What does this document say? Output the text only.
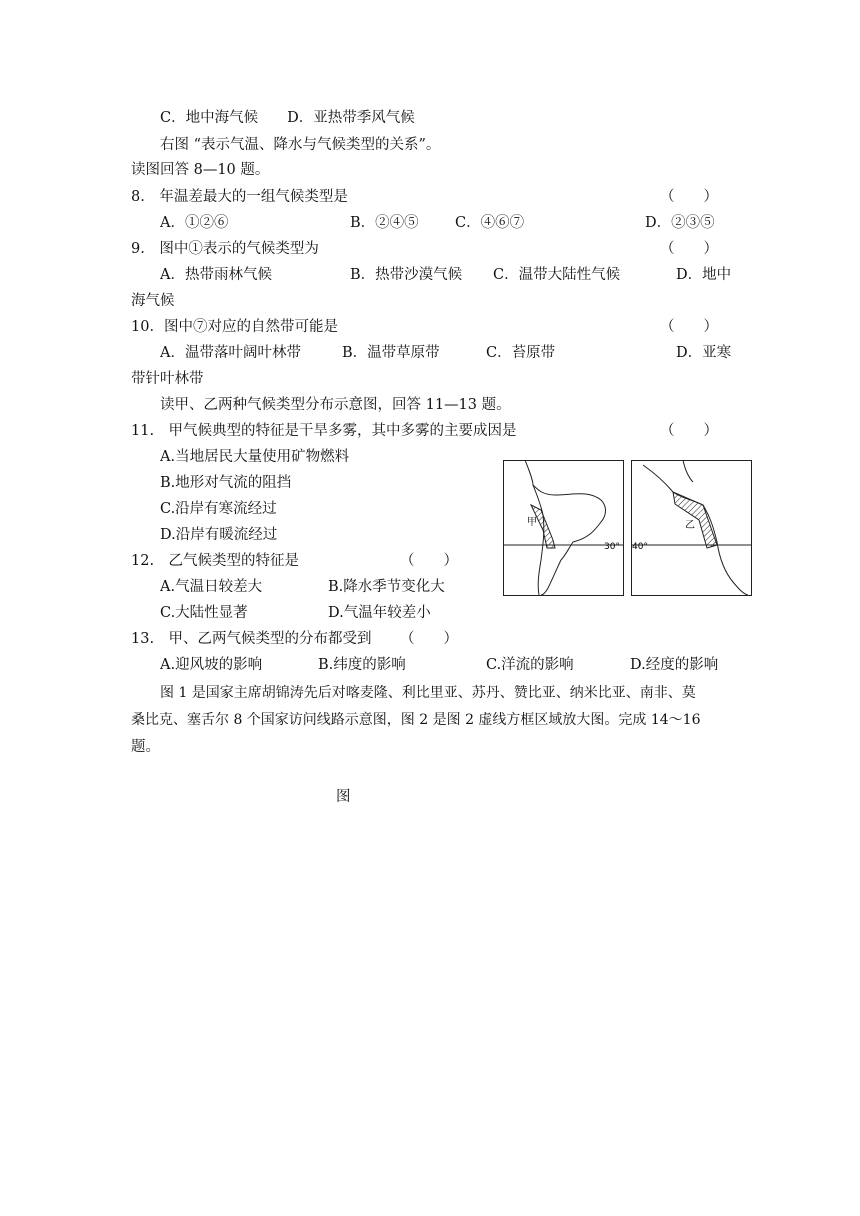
C．地中海气候　　D．亚热带季风气候
右图 “表示气温、降水与气候类型的关系”。
读图回答 8—10 题。
8.　年温差最大的一组气候类型是	（　　）
A．①②⑥	B．②④⑤	C．④⑥⑦	D．②③⑤
9.　图中①表示的气候类型为	（　　）
A．热带雨林气候	B．热带沙漠气候 C．温带大陆性气候	D．地中
海气候
10．图中⑦对应的自然带可能是	（　　）
A．温带落叶阔叶林带	B．温带草原带	C．苔原带	D．亚寒
带针叶林带
读甲、乙两种气候类型分布示意图，回答 11—13 题。
11.　甲气候典型的特征是干旱多雾，其中多雾的主要成因是	（　　）
A.当地居民大量使用矿物燃料
B.地形对气流的阻挡
C.沿岸有寒流经过
D.沿岸有暖流经过
12.　乙气候类型的特征是	（　　）
A.气温日较差大	B.降水季节变化大
C.大陆性显著	D.气温年较差小
13.　甲、乙两气候类型的分布都受到 （　　）
A.迎风坡的影响	B.纬度的影响	C.洋流的影响	D.经度的影响
图 1 是国家主席胡锦涛先后对喀麦隆、利比里亚、苏丹、赞比亚、纳米比亚、南非、莫
桑比克、塞舌尔 8 个国家访问线路示意图，图 2 是图 2 虚线方框区域放大图。完成 14～16
题。
图
甲
30°
乙
40°
